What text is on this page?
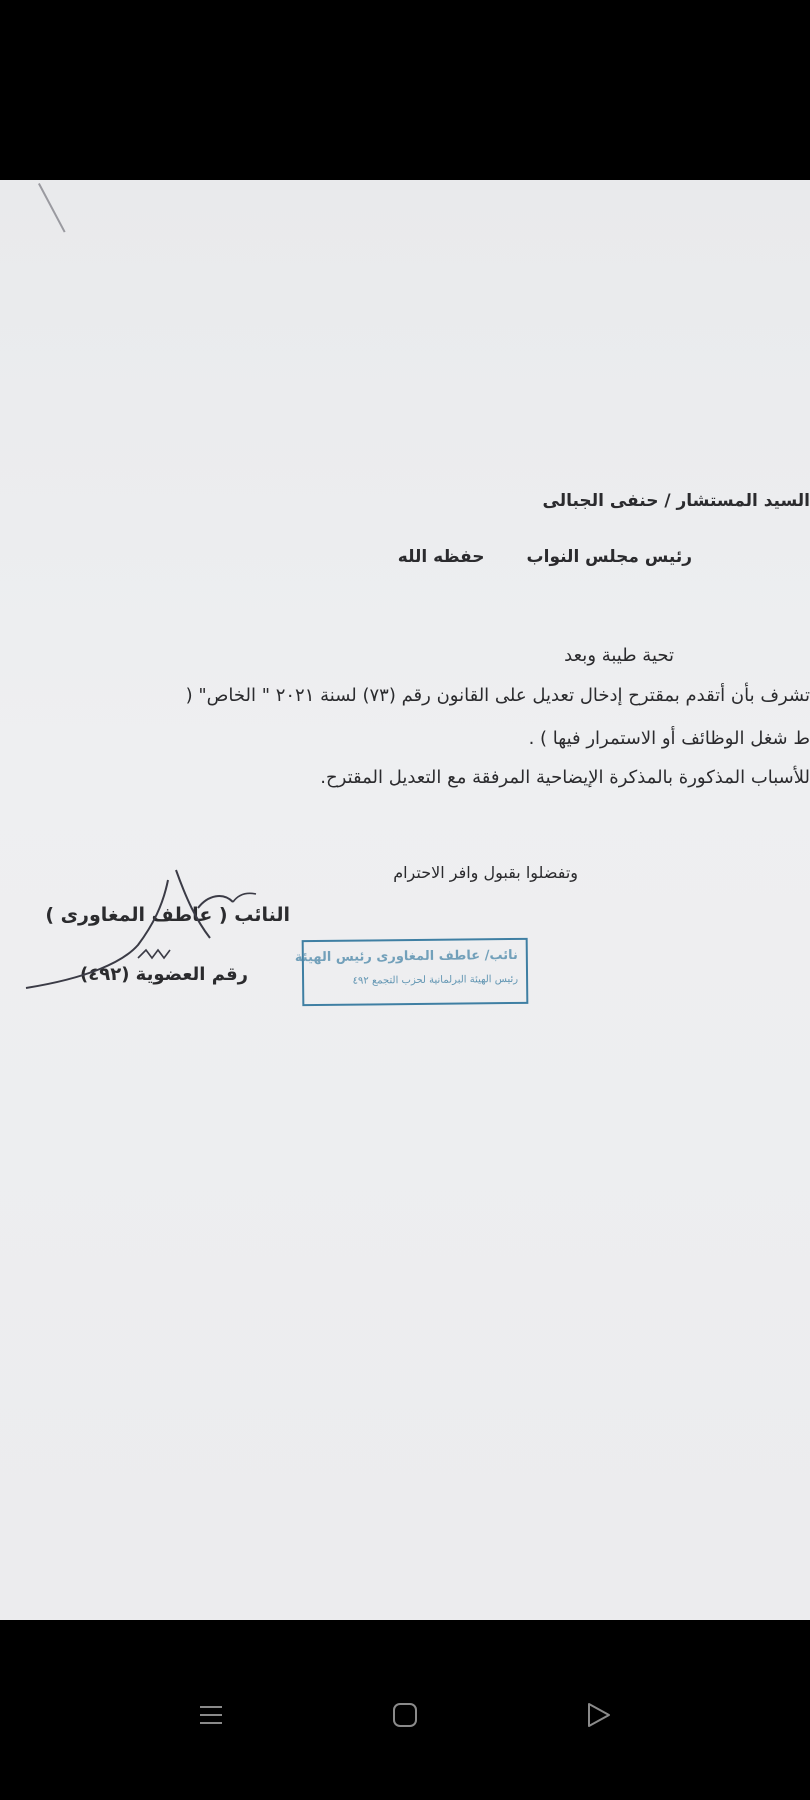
السيد المستشار / حنفى الجبالى
رئيس مجلس النوابحفظه الله
تحية طيبة وبعد
تشرف بأن أتقدم بمقترح إدخال تعديل على القانون رقم (٧٣) لسنة ٢٠٢١ " الخاص" (
ط شغل الوظائف أو الاستمرار فيها ) .
للأسباب المذكورة بالمذكرة الإيضاحية المرفقة مع التعديل المقترح.
وتفضلوا بقبول وافر الاحترام
النائب ( عاطف المغاورى )
رقم العضوية (٤٩٢)
نائب/ عاطف المغاورى رئيس الهيئة
رئيس الهيئة البرلمانية لحزب التجمع ٤٩٢
